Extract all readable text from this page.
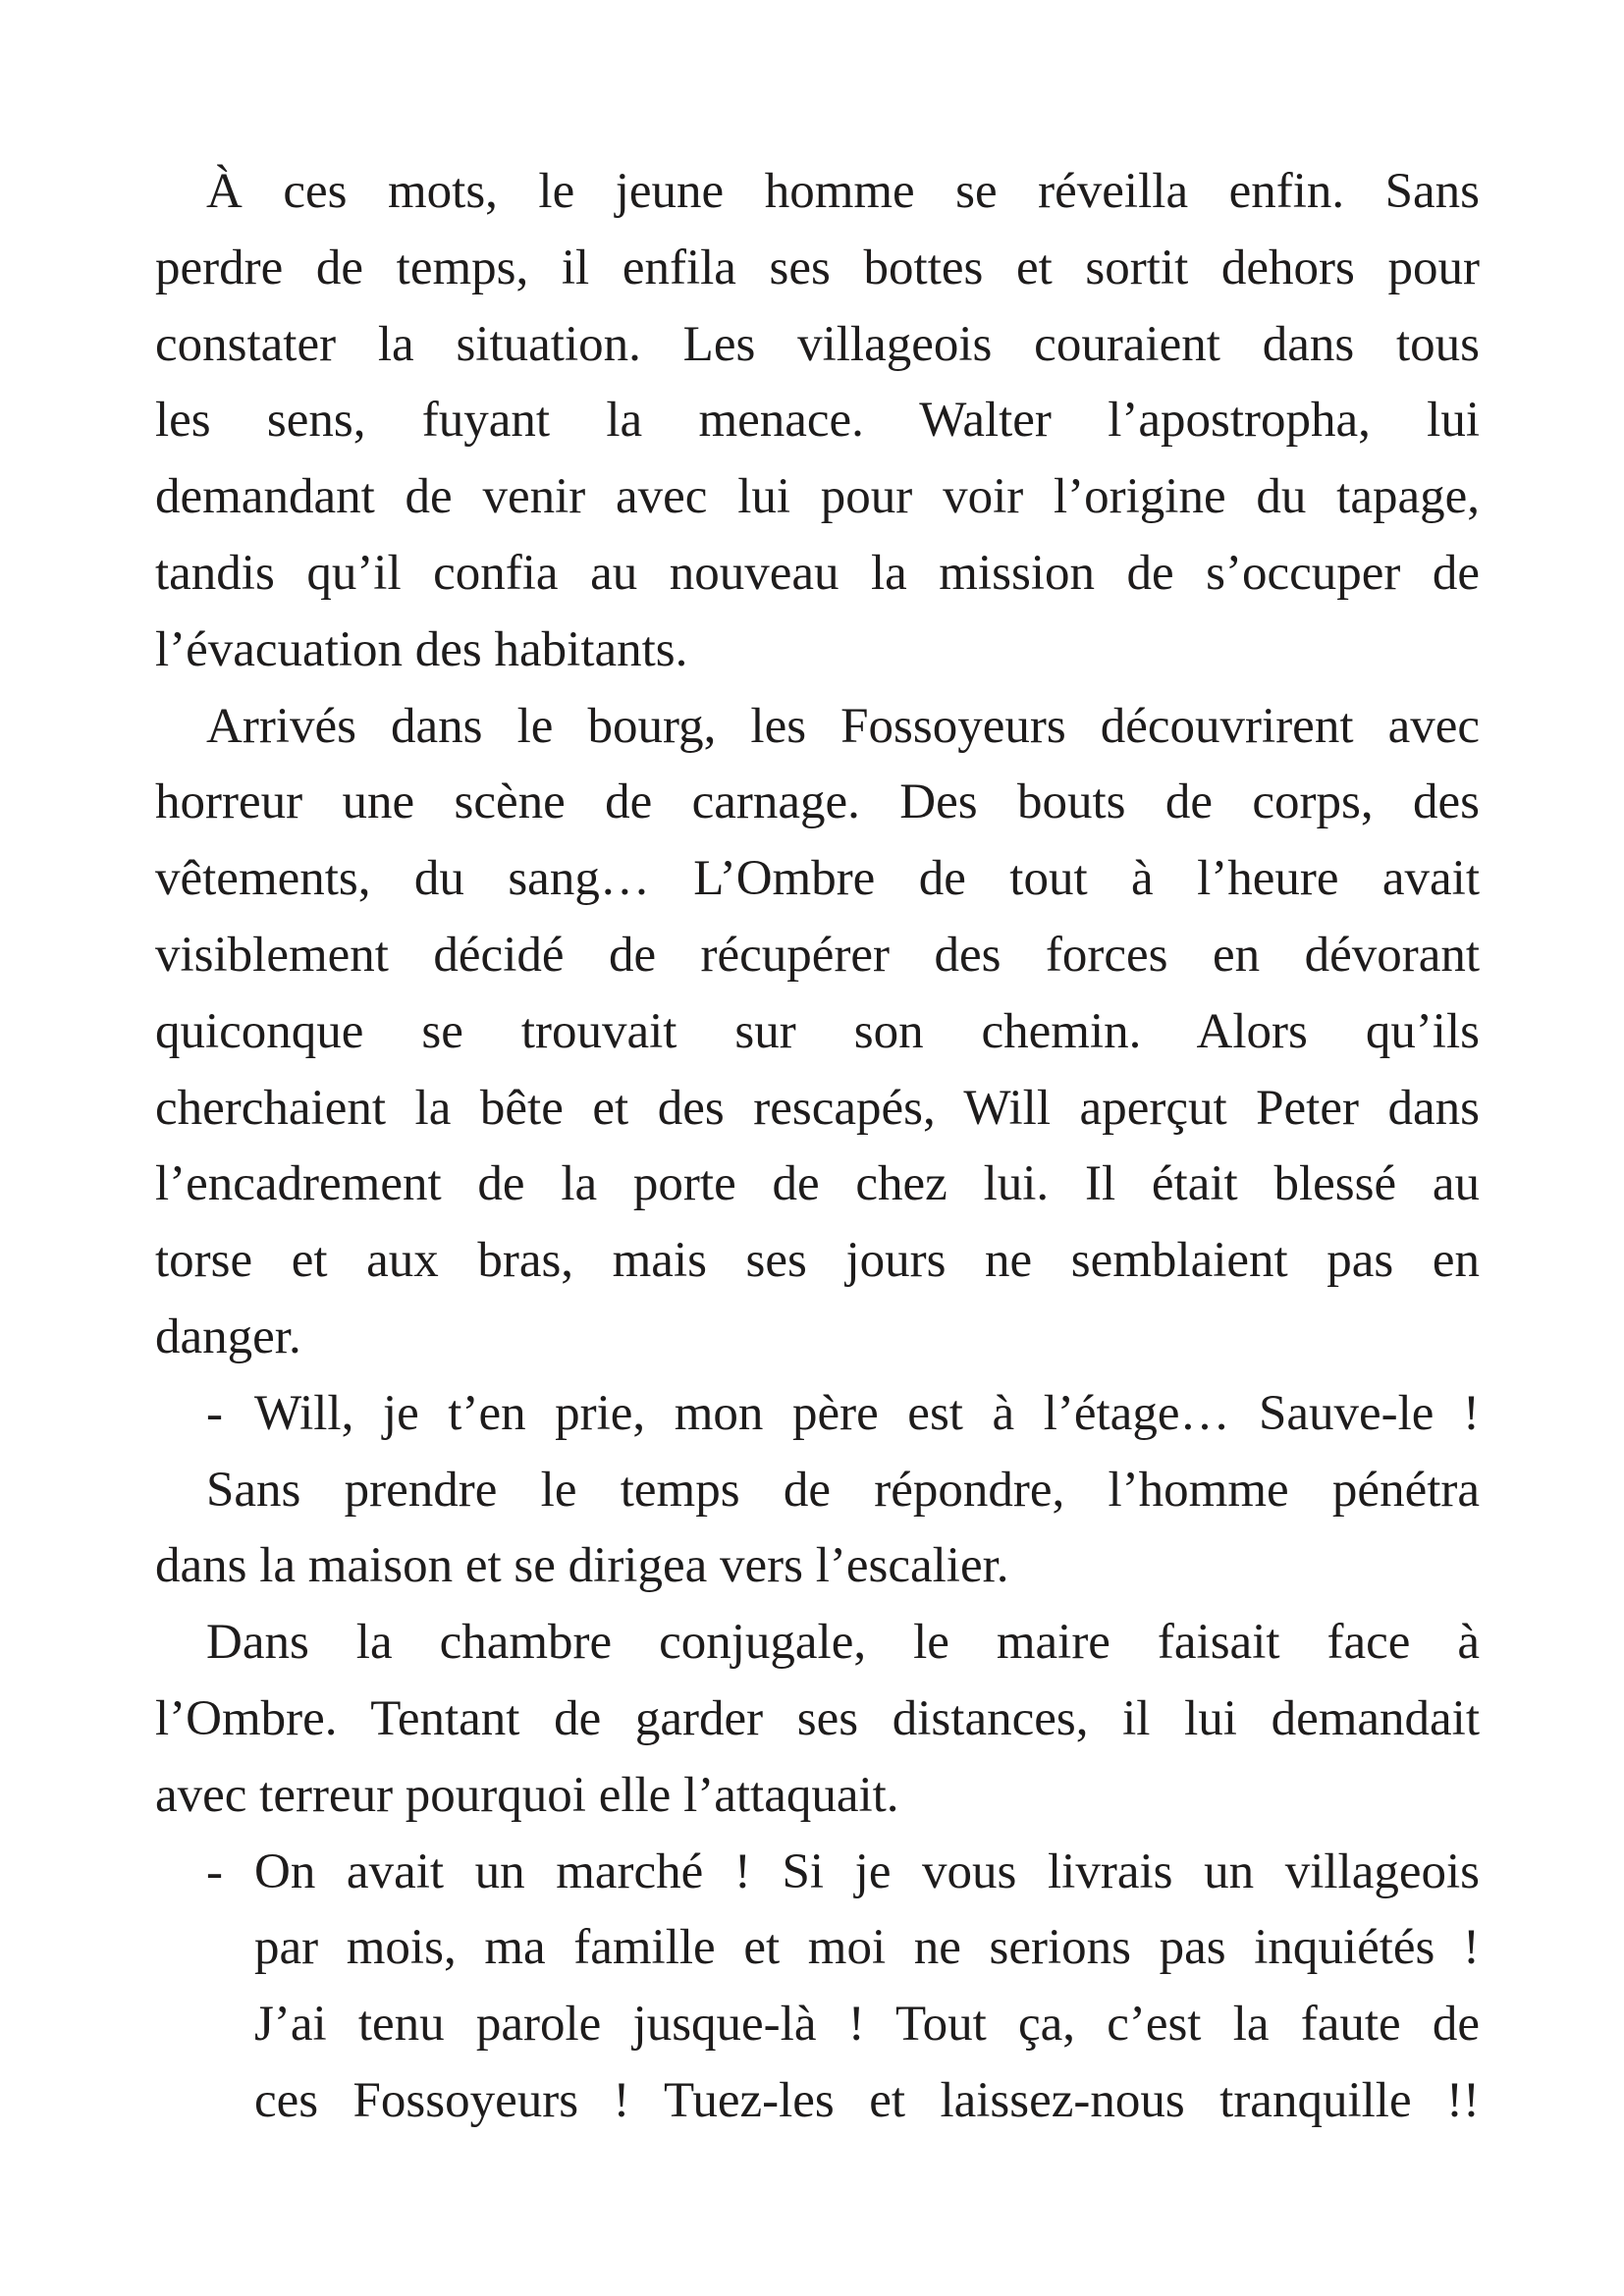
À ces mots, le jeune homme se réveilla enfin. Sans
perdre de temps, il enfila ses bottes et sortit dehors pour
constater la situation. Les villageois couraient dans tous
les sens, fuyant la menace. Walter l’apostropha, lui
demandant de venir avec lui pour voir l’origine du tapage,
tandis qu’il confia au nouveau la mission de s’occuper de
l’évacuation des habitants.
Arrivés dans le bourg, les Fossoyeurs découvrirent avec
horreur une scène de carnage. Des bouts de corps, des
vêtements, du sang… L’Ombre de tout à l’heure avait
visiblement décidé de récupérer des forces en dévorant
quiconque se trouvait sur son chemin. Alors qu’ils
cherchaient la bête et des rescapés, Will aperçut Peter dans
l’encadrement de la porte de chez lui. Il était blessé au
torse et aux bras, mais ses jours ne semblaient pas en
danger.
- Will, je t’en prie, mon père est à l’étage… Sauve-le !
Sans prendre le temps de répondre, l’homme pénétra
dans la maison et se dirigea vers l’escalier.
Dans la chambre conjugale, le maire faisait face à
l’Ombre. Tentant de garder ses distances, il lui demandait
avec terreur pourquoi elle l’attaquait.
- On avait un marché ! Si je vous livrais un villageois
par mois, ma famille et moi ne serions pas inquiétés !
J’ai tenu parole jusque-là ! Tout ça, c’est la faute de
ces Fossoyeurs ! Tuez-les et laissez-nous tranquille !!
